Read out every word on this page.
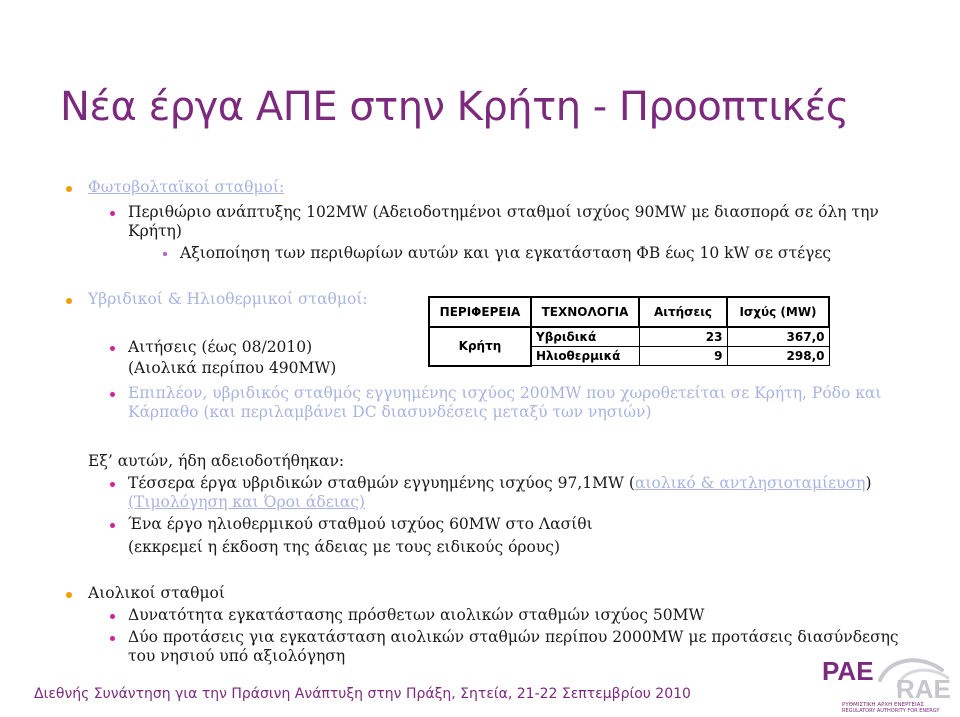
Νέα έργα ΑΠΕ στην Κρήτη - Προοπτικές
Φωτοβολταϊκοί σταθμοί:
Περιθώριο ανάπτυξης 102MW (Αδειοδοτημένοι σταθμοί ισχύος 90MW με διασπορά σε όλη την
Κρήτη)
Αξιοποίηση των περιθωρίων αυτών και για εγκατάσταση ΦΒ έως 10 kW σε στέγες
Υβριδικοί & Ηλιοθερμικοί σταθμοί:
Αιτήσεις (έως 08/2010)
(Αιολικά περίπου 490MW)
Επιπλέον, υβριδικός σταθμός εγγυημένης ισχύος 200MW που χωροθετείται σε Κρήτη, Ρόδο και
Κάρπαθο (και περιλαμβάνει DC διασυνδέσεις μεταξύ των νησιών)
ΠΕΡΙΦΕΡΕΙΑ	ΤΕΧΝΟΛΟΓΙΑ	Αιτήσεις	Ισχύς (MW)
Κρήτη	Υβριδικά	23	367,0
	Ηλιοθερμικά	9	298,0
Εξ’ αυτών, ήδη αδειοδοτήθηκαν:
Τέσσερα έργα υβριδικών σταθμών εγγυημένης ισχύος 97,1MW (αιολικό & αντλησιοταμίευση)
(Τιμολόγηση και Όροι άδειας)
Ένα έργο ηλιοθερμικού σταθμού ισχύος 60MW στο Λασίθι
(εκκρεμεί η έκδοση της άδειας με τους ειδικούς όρους)
Αιολικοί σταθμοί
Δυνατότητα εγκατάστασης πρόσθετων αιολικών σταθμών ισχύος 50MW
Δύο προτάσεις για εγκατάσταση αιολικών σταθμών περίπου 2000MW με προτάσεις διασύνδεσης
του νησιού υπό αξιολόγηση
Διεθνής Συνάντηση για την Πράσινη Ανάπτυξη στην Πράξη, Σητεία, 21-22 Σεπτεμβρίου 2010
PAE
RAE
ΡΥΘΜΙΣΤΙΚΗ ΑΡΧΗ ΕΝΕΡΓΕΙΑΣ
REGULATORY AUTHORITY FOR ENERGY
